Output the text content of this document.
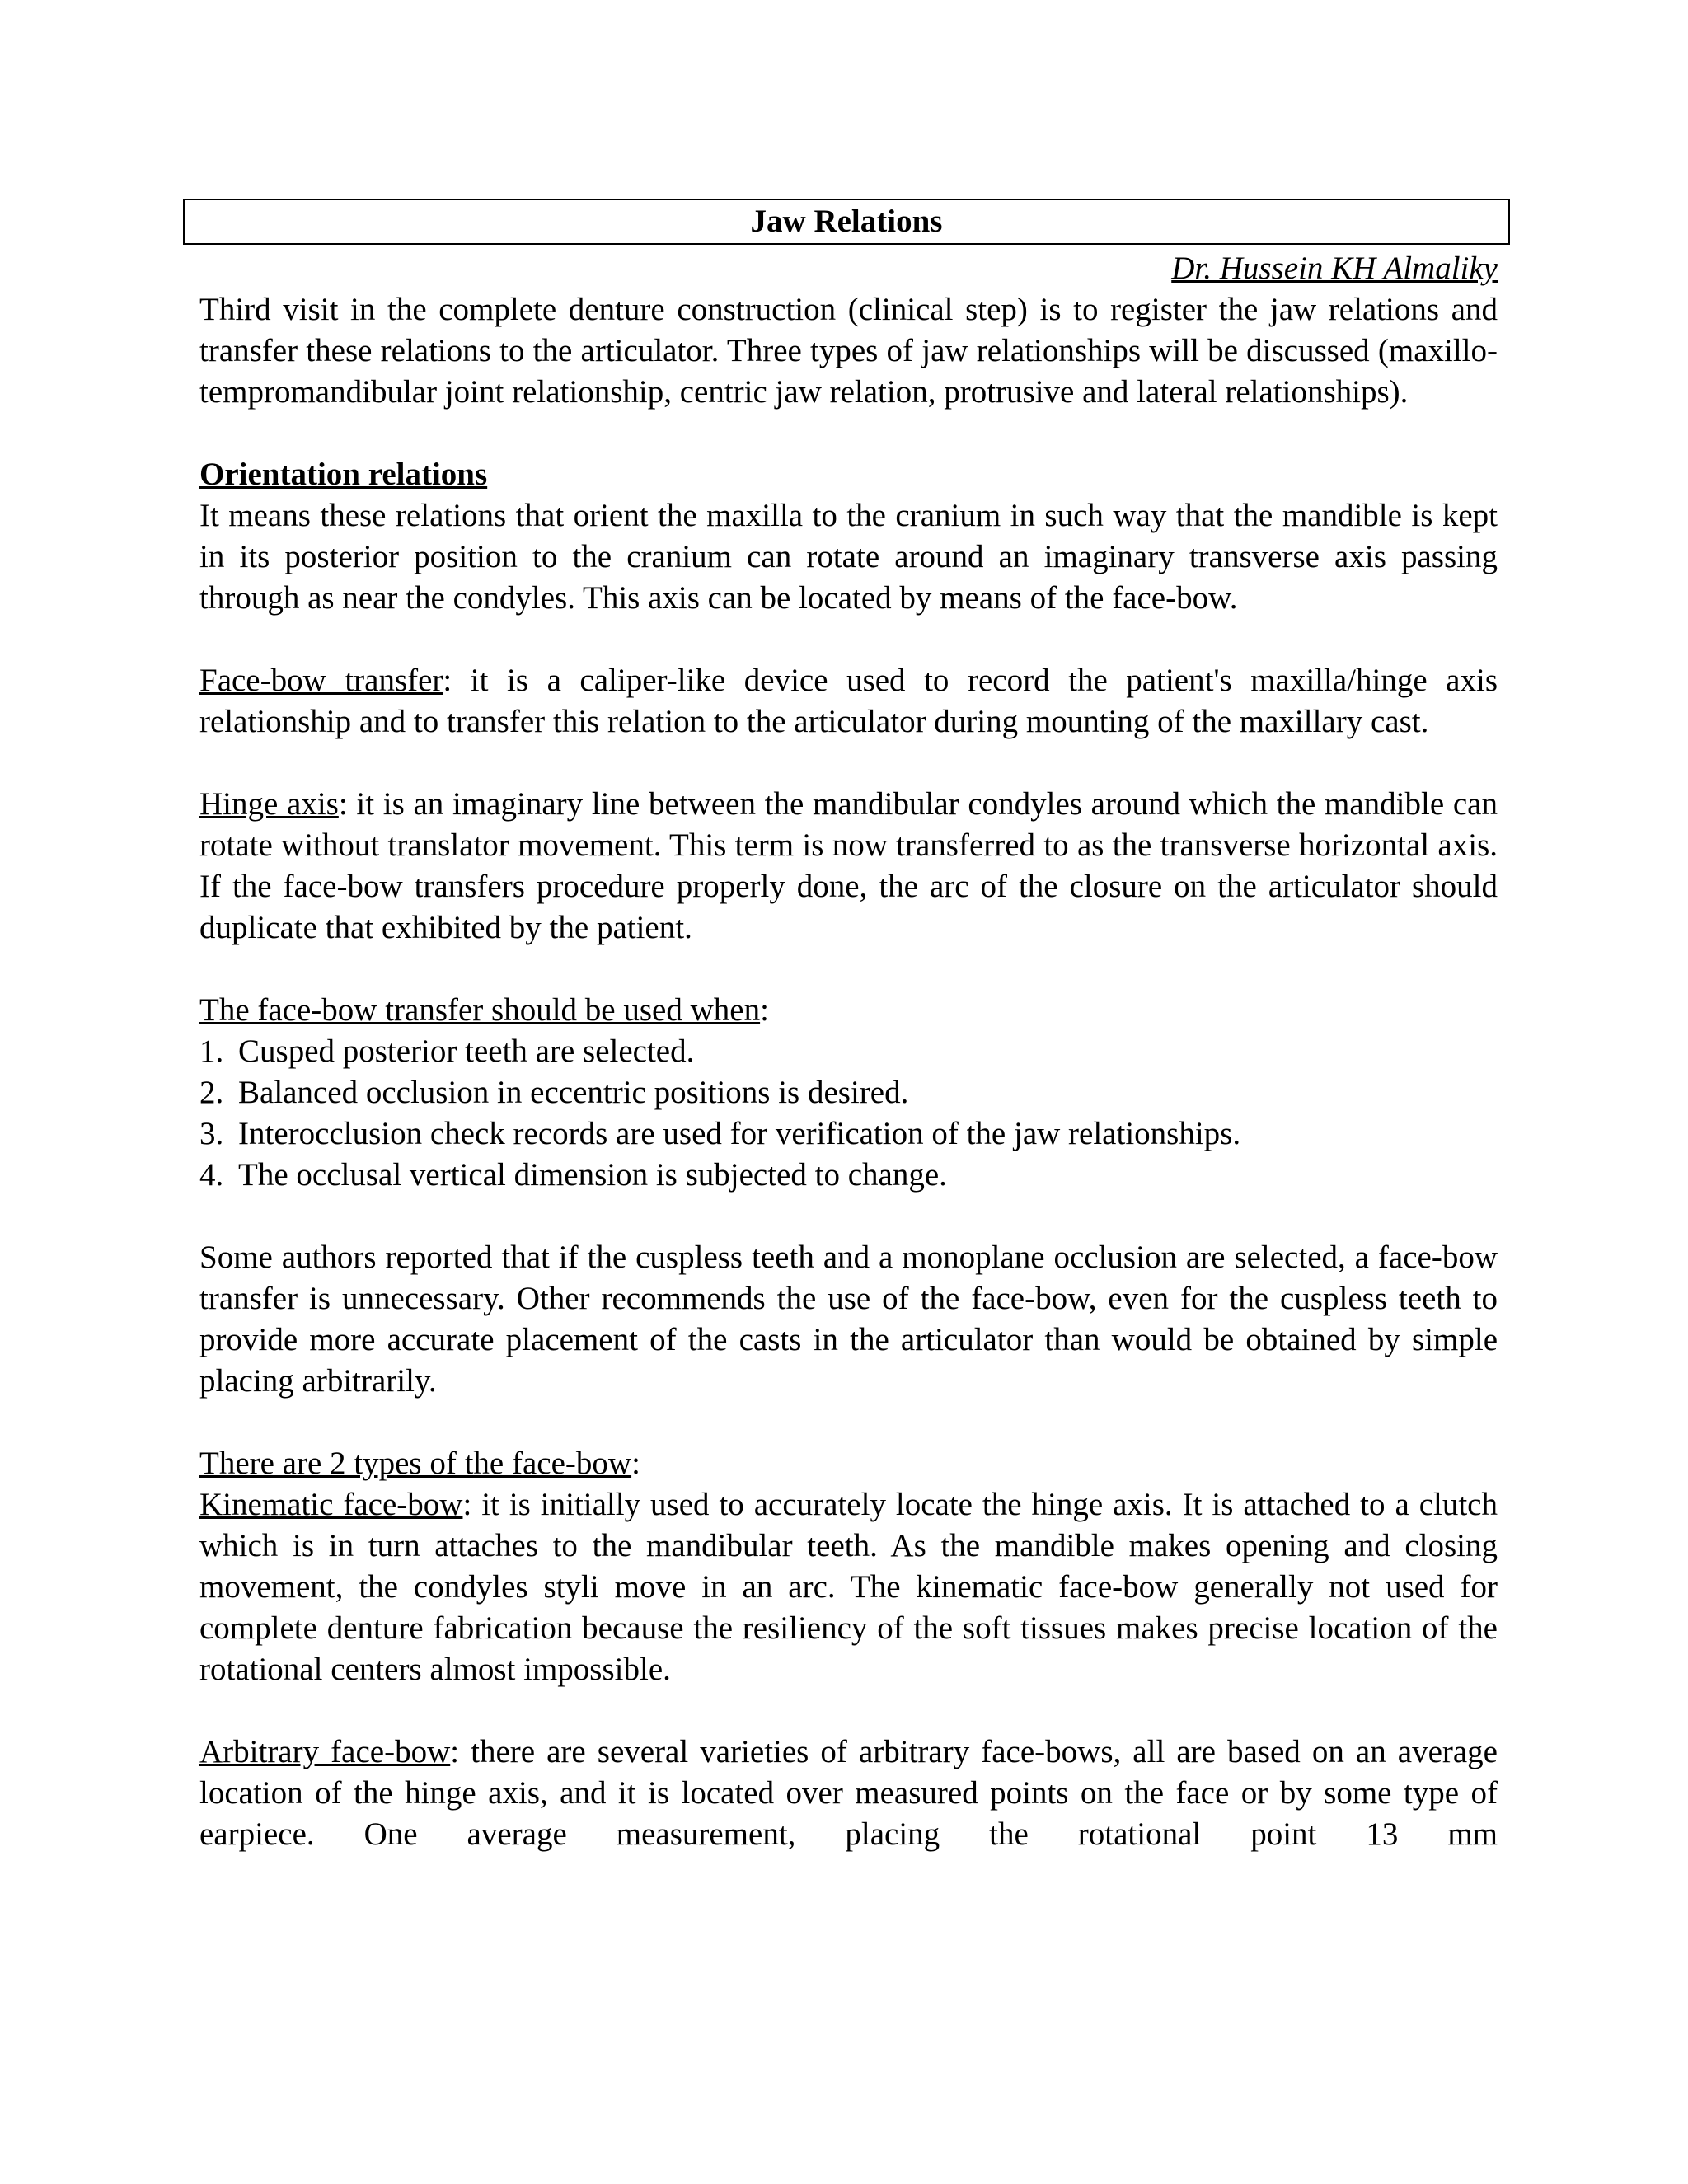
Jaw Relations
Dr. Hussein KH Almaliky

Third visit in the complete denture construction (clinical step) is to register the jaw relations and transfer these relations to the articulator. Three types of jaw relationships will be discussed (maxillo-tempromandibular joint relationship, centric jaw relation, protrusive and lateral relationships).

Orientation relations

It means these relations that orient the maxilla to the cranium in such way that the mandible is kept in its posterior position to the cranium can rotate around an imaginary transverse axis passing through as near the condyles. This axis can be located by means of the face-bow.

Face-bow transfer: it is a caliper-like device used to record the patient's maxilla/hinge axis relationship and to transfer this relation to the articulator during mounting of the maxillary cast.

Hinge axis: it is an imaginary line between the mandibular condyles around which the mandible can rotate without translator movement. This term is now transferred to as the transverse horizontal axis. If the face-bow transfers procedure properly done, the arc of the closure on the articulator should duplicate that exhibited by the patient.

The face-bow transfer should be used when:
1. Cusped posterior teeth are selected.
2. Balanced occlusion in eccentric positions is desired.
3. Interocclusion check records are used for verification of the jaw relationships.
4. The occlusal vertical dimension is subjected to change.

Some authors reported that if the cuspless teeth and a monoplane occlusion are selected, a face-bow transfer is unnecessary. Other recommends the use of the face-bow, even for the cuspless teeth to provide more accurate placement of the casts in the articulator than would be obtained by simple placing arbitrarily.

There are 2 types of the face-bow:

Kinematic face-bow: it is initially used to accurately locate the hinge axis. It is attached to a clutch which is in turn attaches to the mandibular teeth. As the mandible makes opening and closing movement, the condyles styli move in an arc. The kinematic face-bow generally not used for complete denture fabrication because the resiliency of the soft tissues makes precise location of the rotational centers almost impossible.

Arbitrary face-bow: there are several varieties of arbitrary face-bows, all are based on an average location of the hinge axis, and it is located over measured points on the face or by some type of earpiece. One average measurement, placing the rotational point 13 mm
